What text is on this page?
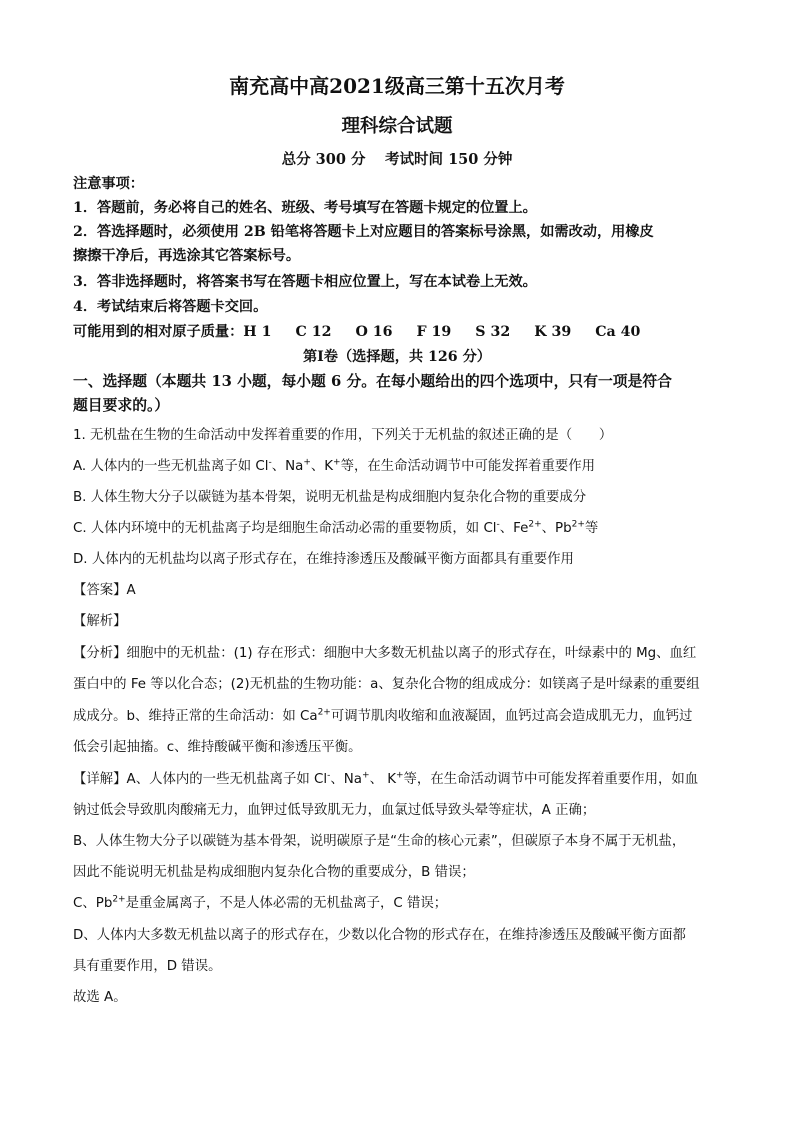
南充高中高2021级高三第十五次月考
理科综合试题
总分 300 分　 考试时间 150 分钟
注意事项：
1．答题前，务必将自己的姓名、班级、考号填写在答题卡规定的位置上。
2．答选择题时，必须使用 2B 铅笔将答题卡上对应题目的答案标号涂黑，如需改动，用橡皮
擦擦干净后，再选涂其它答案标号。
3．答非选择题时，将答案书写在答题卡相应位置上，写在本试卷上无效。
4．考试结束后将答题卡交回。
可能用到的相对原子质量：H 1 C 12 O 16 F 19 S 32 K 39 Ca 40
第Ⅰ卷（选择题，共 126 分）
一、选择题（本题共 13 小题，每小题 6 分。在每小题给出的四个选项中，只有一项是符合
题目要求的。）
1. 无机盐在生物的生命活动中发挥着重要的作用，下列关于无机盐的叙述正确的是（　　）
A. 人体内的一些无机盐离子如 Cl-、Na+、K+等，在生命活动调节中可能发挥着重要作用
B. 人体生物大分子以碳链为基本骨架，说明无机盐是构成细胞内复杂化合物的重要成分
C. 人体内环境中的无机盐离子均是细胞生命活动必需的重要物质，如 Cl-、$Fe^{2+}$、$Pb^{2+}$等
D. 人体内的无机盐均以离子形式存在，在维持渗透压及酸碱平衡方面都具有重要作用
【答案】A
【解析】
【分析】细胞中的无机盐：(1) 存在形式：细胞中大多数无机盐以离子的形式存在，叶绿素中的 Mg、血红
蛋白中的 Fe 等以化合态；(2)无机盐的生物功能：a、复杂化合物的组成成分：如镁离子是叶绿素的重要组
成成分。b、维持正常的生命活动：如 $Ca^{2+}$可调节肌肉收缩和血液凝固，血钙过高会造成肌无力，血钙过
低会引起抽搐。c、维持酸碱平衡和渗透压平衡。
【详解】A、人体内的一些无机盐离子如 Cl-、Na+、 K+等，在生命活动调节中可能发挥着重要作用，如血
钠过低会导致肌肉酸痛无力，血钾过低导致肌无力，血氯过低导致头晕等症状，A 正确；
B、人体生物大分子以碳链为基本骨架，说明碳原子是“生命的核心元素”，但碳原子本身不属于无机盐，
因此不能说明无机盐是构成细胞内复杂化合物的重要成分，B 错误；
C、$Pb^{2+}$是重金属离子，不是人体必需的无机盐离子，C 错误；
D、人体内大多数无机盐以离子的形式存在，少数以化合物的形式存在，在维持渗透压及酸碱平衡方面都
具有重要作用，D 错误。
故选 A。
